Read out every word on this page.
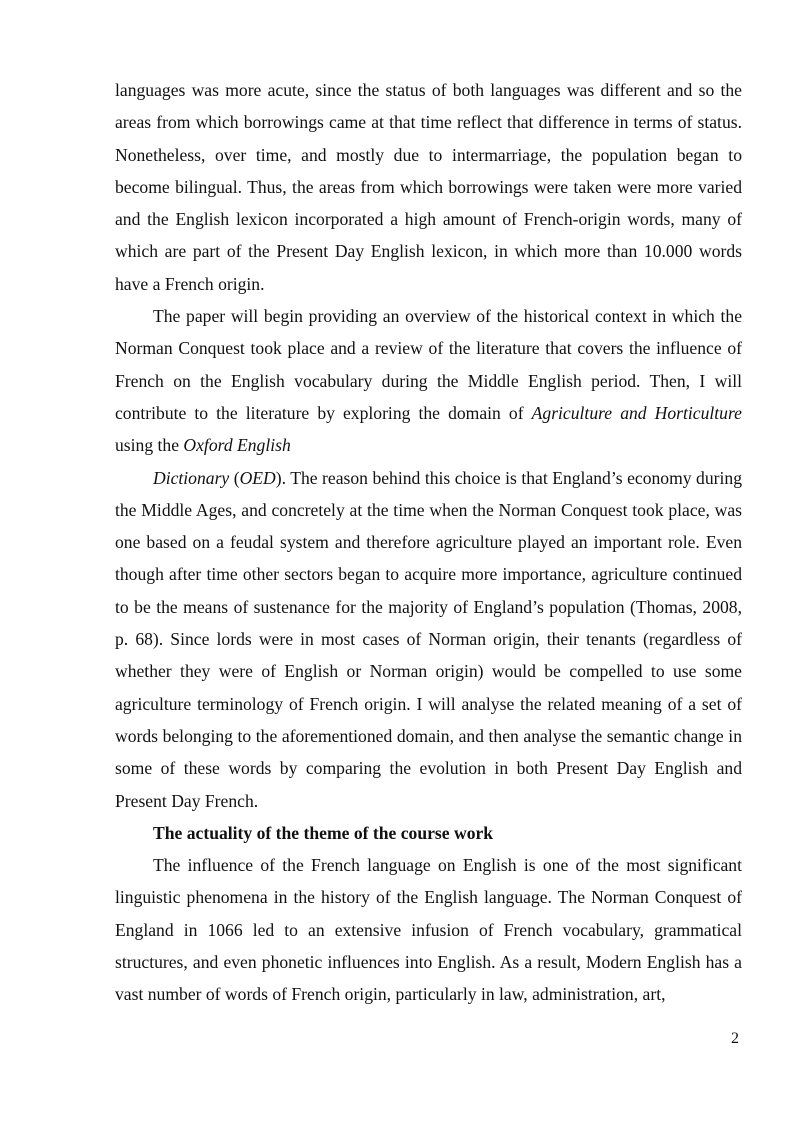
languages was more acute, since the status of both languages was different and so the areas from which borrowings came at that time reflect that difference in terms of status. Nonetheless, over time, and mostly due to intermarriage, the population began to become bilingual. Thus, the areas from which borrowings were taken were more varied and the English lexicon incorporated a high amount of French-origin words, many of which are part of the Present Day English lexicon, in which more than 10.000 words have a French origin.

The paper will begin providing an overview of the historical context in which the Norman Conquest took place and a review of the literature that covers the influence of French on the English vocabulary during the Middle English period. Then, I will contribute to the literature by exploring the domain of Agriculture and Horticulture using the Oxford English

Dictionary (OED). The reason behind this choice is that England’s economy during the Middle Ages, and concretely at the time when the Norman Conquest took place, was one based on a feudal system and therefore agriculture played an important role. Even though after time other sectors began to acquire more importance, agriculture continued to be the means of sustenance for the majority of England’s population (Thomas, 2008, p. 68). Since lords were in most cases of Norman origin, their tenants (regardless of whether they were of English or Norman origin) would be compelled to use some agriculture terminology of French origin. I will analyse the related meaning of a set of words belonging to the aforementioned domain, and then analyse the semantic change in some of these words by comparing the evolution in both Present Day English and Present Day French.

The actuality of the theme of the course work

The influence of the French language on English is one of the most significant linguistic phenomena in the history of the English language. The Norman Conquest of England in 1066 led to an extensive infusion of French vocabulary, grammatical structures, and even phonetic influences into English. As a result, Modern English has a vast number of words of French origin, particularly in law, administration, art,

2
